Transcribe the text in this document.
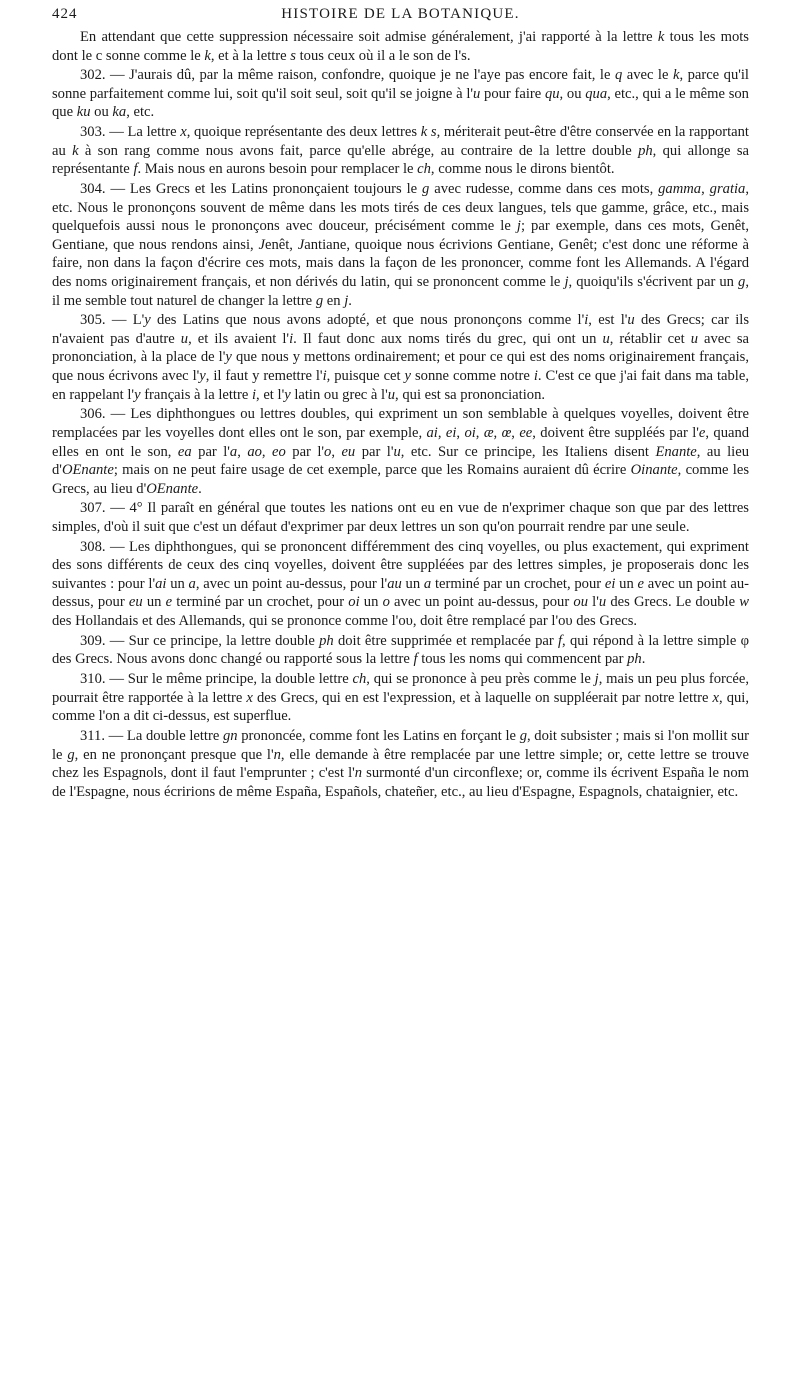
424	HISTOIRE DE LA BOTANIQUE.

En attendant que cette suppression nécessaire soit admise généralement, j'ai rapporté à la lettre k tous les mots dont le c sonne comme le k, et à la lettre s tous ceux où il a le son de l's.

302. — J'aurais dû, par la même raison, confondre, quoique je ne l'aye pas encore fait, le q avec le k, parce qu'il sonne parfaitement comme lui, soit qu'il soit seul, soit qu'il se joigne à l'u pour faire qu, ou qua, etc., qui a le même son que ku ou ka, etc.

303. — La lettre x, quoique représentante des deux lettres k s, mériterait peut-être d'être conservée en la rapportant au k à son rang comme nous avons fait, parce qu'elle abrége, au contraire de la lettre double ph, qui allonge sa représentante f. Mais nous en aurons besoin pour remplacer le ch, comme nous le dirons bientôt.

304. — Les Grecs et les Latins prononçaient toujours le g avec rudesse, comme dans ces mots, gamma, gratia, etc. Nous le prononçons souvent de même dans les mots tirés de ces deux langues, tels que gamme, grâce, etc., mais quelquefois aussi nous le prononçons avec douceur, précisément comme le j; par exemple, dans ces mots, Genêt, Gentiane, que nous rendons ainsi, Jenêt, Jantiane, quoique nous écrivions Gentiane, Genêt; c'est donc une réforme à faire, non dans la façon d'écrire ces mots, mais dans la façon de les prononcer, comme font les Allemands. A l'égard des noms originairement français, et non dérivés du latin, qui se prononcent comme le j, quoiqu'ils s'écrivent par un g, il me semble tout naturel de changer la lettre g en j.

305. — L'y des Latins que nous avons adopté, et que nous prononçons comme l'i, est l'u des Grecs; car ils n'avaient pas d'autre u, et ils avaient l'i. Il faut donc aux noms tirés du grec, qui ont un u, rétablir cet u avec sa prononciation, à la place de l'y que nous y mettons ordinairement; et pour ce qui est des noms originairement français, que nous écrivons avec l'y, il faut y remettre l'i, puisque cet y sonne comme notre i. C'est ce que j'ai fait dans ma table, en rappelant l'y français à la lettre i, et l'y latin ou grec à l'u, qui est sa prononciation.

306. — Les diphthongues ou lettres doubles, qui expriment un son semblable à quelques voyelles, doivent être remplacées par les voyelles dont elles ont le son, par exemple, ai, ei, oi, æ, œ, ee, doivent être suppléés par l'e, quand elles en ont le son, ea par l'a, ao, eo par l'o, eu par l'u, etc. Sur ce principe, les Italiens disent Enante, au lieu d'OEnante; mais on ne peut faire usage de cet exemple, parce que les Romains auraient dû écrire Oinante, comme les Grecs, au lieu d'OEnante.

307. — 4° Il paraît en général que toutes les nations ont eu en vue de n'exprimer chaque son que par des lettres simples, d'où il suit que c'est un défaut d'exprimer par deux lettres un son qu'on pourrait rendre par une seule.

308. — Les diphthongues, qui se prononcent différemment des cinq voyelles, ou plus exactement, qui expriment des sons différents de ceux des cinq voyelles, doivent être suppléées par des lettres simples, je proposerais donc les suivantes : pour l'ai un a, avec un point au-dessus, pour l'au un a terminé par un crochet, pour ei un e avec un point au-dessus, pour eu un e terminé par un crochet, pour oi un o avec un point au-dessus, pour ou l'u des Grecs. Le double w des Hollandais et des Allemands, qui se prononce comme l'ου, doit être remplacé par l'ου des Grecs.

309. — Sur ce principe, la lettre double ph doit être supprimée et remplacée par f, qui répond à la lettre simple φ des Grecs. Nous avons donc changé ou rapporté sous la lettre f tous les noms qui commencent par ph.

310. — Sur le même principe, la double lettre ch, qui se prononce à peu près comme le j, mais un peu plus forcée, pourrait être rapportée à la lettre x des Grecs, qui en est l'expression, et à laquelle on suppléerait par notre lettre x, qui, comme l'on a dit ci-dessus, est superflue.

311. — La double lettre gn prononcée, comme font les Latins en forçant le g, doit subsister ; mais si l'on mollit sur le g, en ne prononçant presque que l'n, elle demande à être remplacée par une lettre simple; or, cette lettre se trouve chez les Espagnols, dont il faut l'emprunter ; c'est l'n surmonté d'un circonflexe; or, comme ils écrivent España le nom de l'Espagne, nous écririons de même España, Españols, chateñer, etc., au lieu d'Espagne, Espagnols, chataignier, etc.
